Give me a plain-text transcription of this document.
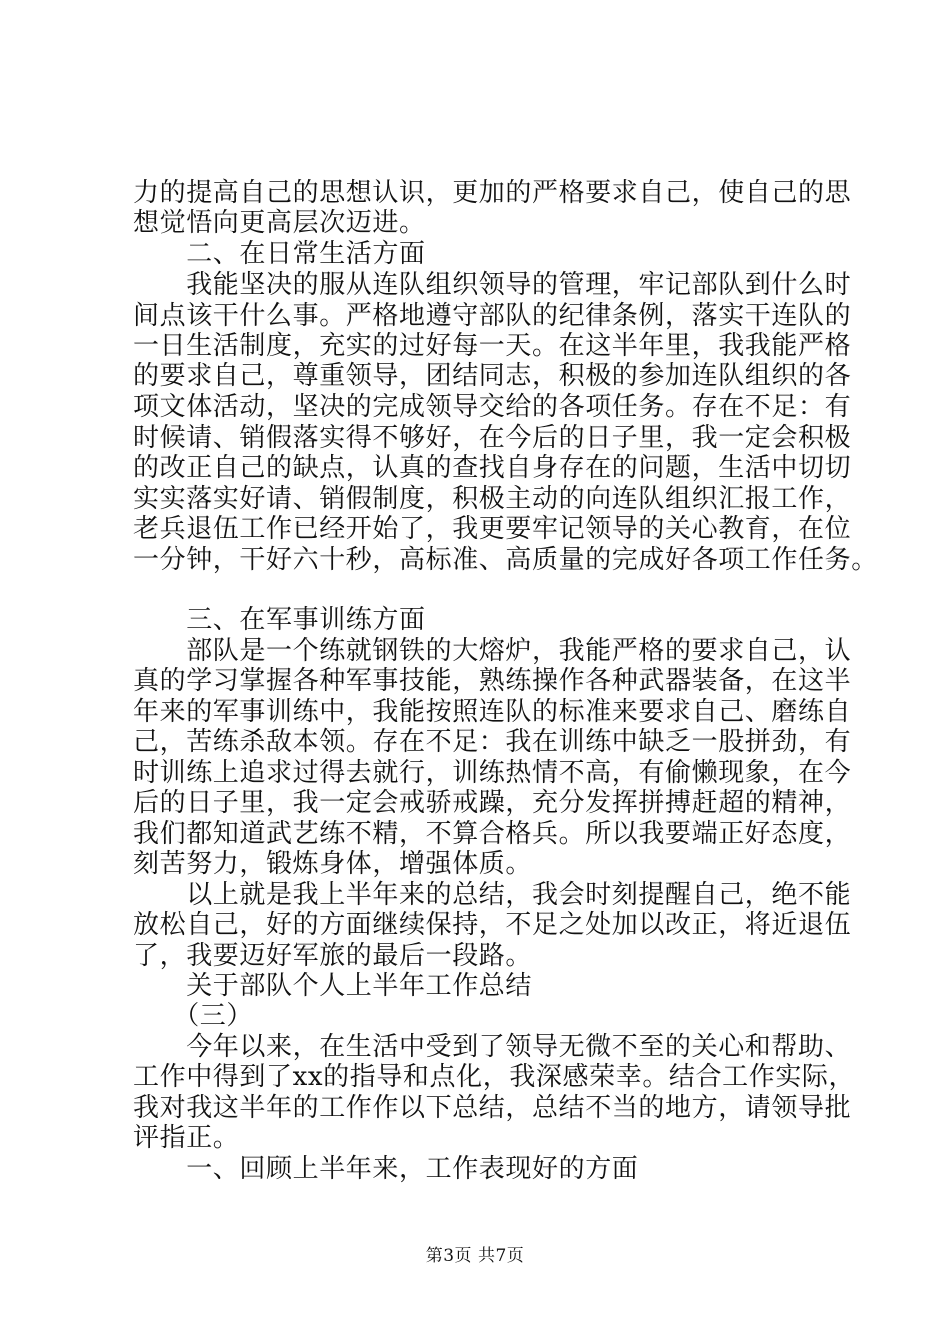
力的提高自己的思想认识，更加的严格要求自己，使自己的思
想觉悟向更高层次迈进。
　　二、在日常生活方面
　　我能坚决的服从连队组织领导的管理，牢记部队到什么时
间点该干什么事。严格地遵守部队的纪律条例，落实干连队的
一日生活制度，充实的过好每一天。在这半年里，我我能严格
的要求自己，尊重领导，团结同志，积极的参加连队组织的各
项文体活动，坚决的完成领导交给的各项任务。存在不足：有
时候请、销假落实得不够好，在今后的日子里，我一定会积极
的改正自己的缺点，认真的查找自身存在的问题，生活中切切
实实落实好请、销假制度，积极主动的向连队组织汇报工作，
老兵退伍工作已经开始了，我更要牢记领导的关心教育，在位
一分钟，干好六十秒，高标准、高质量的完成好各项工作任务。
　　三、在军事训练方面
　　部队是一个练就钢铁的大熔炉，我能严格的要求自己，认
真的学习掌握各种军事技能，熟练操作各种武器装备，在这半
年来的军事训练中，我能按照连队的标准来要求自己、磨练自
己，苦练杀敌本领。存在不足：我在训练中缺乏一股拼劲，有
时训练上追求过得去就行，训练热情不高，有偷懒现象，在今
后的日子里，我一定会戒骄戒躁，充分发挥拼搏赶超的精神，
我们都知道武艺练不精，不算合格兵。所以我要端正好态度，
刻苦努力，锻炼身体，增强体质。
　　以上就是我上半年来的总结，我会时刻提醒自己，绝不能
放松自己，好的方面继续保持，不足之处加以改正，将近退伍
了，我要迈好军旅的最后一段路。
　　关于部队个人上半年工作总结
　　（三）
　　今年以来，在生活中受到了领导无微不至的关心和帮助、
工作中得到了xx的指导和点化，我深感荣幸。结合工作实际，
我对我这半年的工作作以下总结，总结不当的地方，请领导批
评指正。
　　一、回顾上半年来，工作表现好的方面
第3页 共7页
